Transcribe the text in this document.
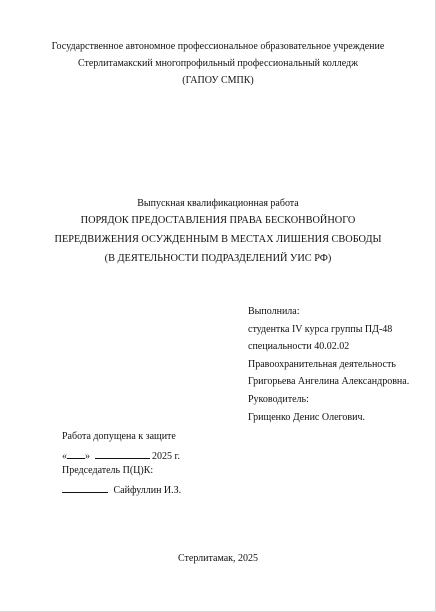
Государственное автономное профессиональное образовательное учреждение
Стерлитамакский многопрофильный профессиональный колледж
(ГАПОУ СМПК)
Выпускная квалификационная работа
ПОРЯДОК ПРЕДОСТАВЛЕНИЯ ПРАВА БЕСКОНВОЙНОГО
ПЕРЕДВИЖЕНИЯ ОСУЖДЕННЫМ В МЕСТАХ ЛИШЕНИЯ СВОБОДЫ
(В ДЕЯТЕЛЬНОСТИ ПОДРАЗДЕЛЕНИЙ УИС РФ)
Выполнила:
студентка IV курса группы ПД-48
специальности 40.02.02
Правоохранительная деятельность
Григорьева Ангелина Александровна.
Руководитель:
Грищенко Денис Олегович.
Работа допущена к защите
« »	2025 г.
Председатель П(Ц)К:
Сайфуллин И.З.
Стерлитамак, 2025
